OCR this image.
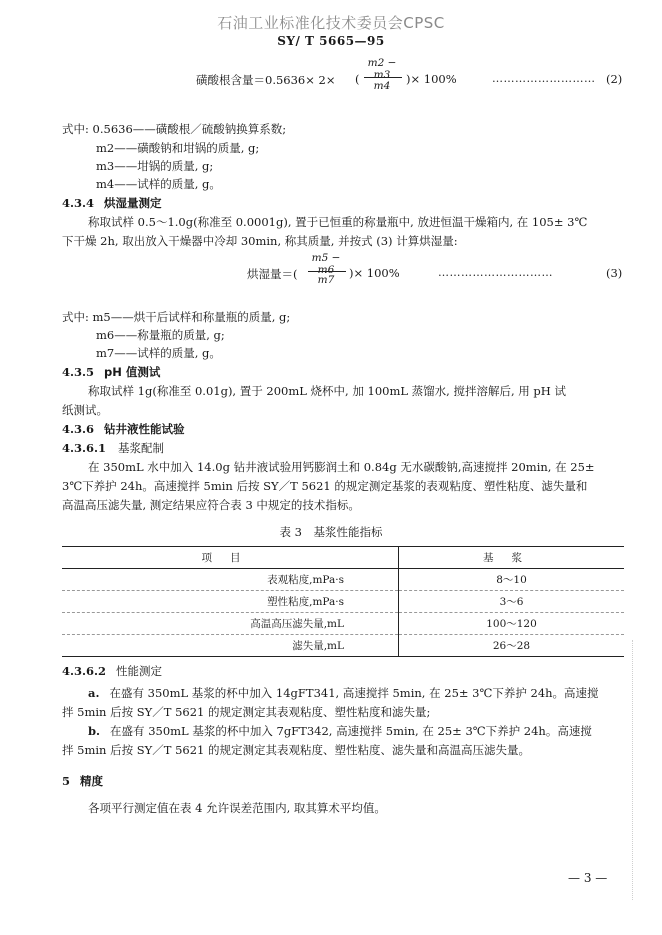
石油工业标准化技术委员会CPSC
SY/ T 5665—95
磺酸根含量＝0.5636× 2× (
m2 − m3
m4	)× 100%	……………………… (2)
式中: 0.5636——磺酸根／硫酸钠换算系数;
m2——磺酸钠和坩锅的质量, g;
m3——坩锅的质量, g;
m4——试样的质量, g。
4.3.4 烘湿量测定
称取试样 0.5～1.0g(称准至 0.0001g), 置于已恒重的称量瓶中, 放进恒温干燥箱内, 在 105± 3℃
下干燥 2h, 取出放入干燥器中冷却 30min, 称其质量, 并按式 (3) 计算烘湿量:
烘湿量＝(
m5 − m6
m7	)× 100%	…………………………	(3)
式中: m5——烘干后试样和称量瓶的质量, g;
m6——称量瓶的质量, g;
m7——试样的质量, g。
4.3.5 pH 值测试
称取试样 1g(称准至 0.01g), 置于 200mL 烧杯中, 加 100mL 蒸馏水, 搅拌溶解后, 用 pH 试
纸测试。
4.3.6 钻井液性能试验
4.3.6.1 基浆配制
在 350mL 水中加入 14.0g 钻井液试验用钙膨润土和 0.84g 无水碳酸钠,高速搅拌 20min, 在 25±
3℃下养护 24h。高速搅拌 5min 后按 SY／T 5621 的规定测定基浆的表观粘度、塑性粘度、滤失量和
高温高压滤失量, 测定结果应符合表 3 中规定的技术指标。
表 3　基浆性能指标
项目	基浆
表观粘度,mPa·s	8～10
塑性粘度,mPa·s	3～6
高温高压滤失量,mL	100～120
滤失量,mL	26～28
4.3.6.2 性能测定
a. 在盛有 350mL 基浆的杯中加入 14gFT341, 高速搅拌 5min, 在 25± 3℃下养护 24h。高速搅
拌 5min 后按 SY／T 5621 的规定测定其表观粘度、塑性粘度和滤失量;
b. 在盛有 350mL 基浆的杯中加入 7gFT342, 高速搅拌 5min, 在 25± 3℃下养护 24h。高速搅
拌 5min 后按 SY／T 5621 的规定测定其表观粘度、塑性粘度、滤失量和高温高压滤失量。
5 精度
各项平行测定值在表 4 允许误差范围内, 取其算术平均值。
— 3 —
